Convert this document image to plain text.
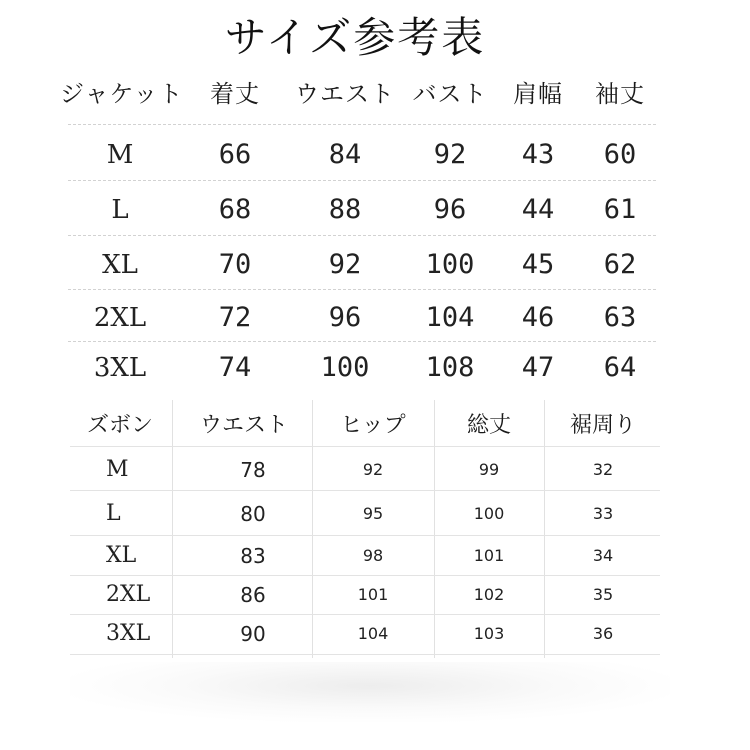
サイズ参考表
ジャケット	着丈	ウエスト バスト	肩幅	袖丈
M	66	84	92	43	60
L	68	88	96	44	61
XL	70	92	100	45	62
2XL	72	96	104	46	63
3XL	74	100	108	47	64
ズボン	ウエスト	ヒップ	総丈	裾周り
M	78	92	99	32
L	80	95	100	33
XL	83	98	101	34
2XL	86	101	102	35
3XL	90	104	103	36
